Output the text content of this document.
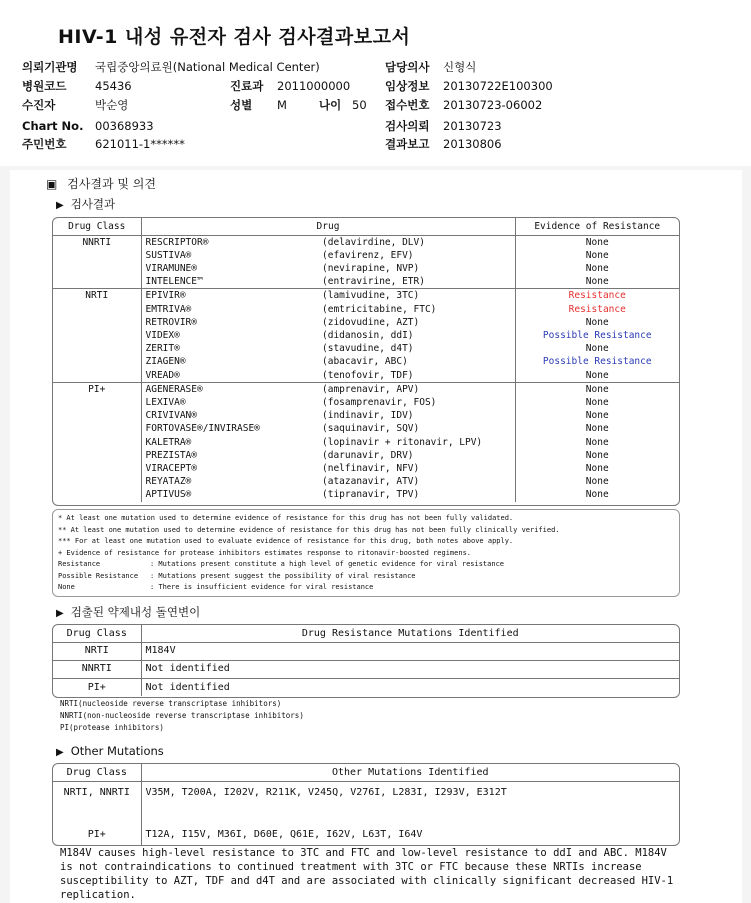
HIV-1 내성 유전자 검사 검사결과보고서
의뢰기관명 국립중앙의료원(National Medical Center)
병원코드 45436
수진자	박순영
Chart No. 00368933
주민번호 621011-1******
진료과 2011000000
성별 M	나이 50
담당의사 신형식
임상정보 20130722E100300
접수번호 20130723-06002
검사의뢰 20130723
결과보고 20130806
▣ 검사결과 및 의견
▶ 검사결과
Drug Class	Drug		Evidence of Resistance
NNRTI	RESCRIPTOR®	(delavirdine, DLV)	None
	SUSTIVA®	(efavirenz, EFV)	None
	VIRAMUNE®	(nevirapine, NVP)	None
	INTELENCE™	(entravirine, ETR)	None
NRTI	EPIVIR®	(lamivudine, 3TC)	Resistance
	EMTRIVA®	(emtricitabine, FTC)	Resistance
	RETROVIR®	(zidovudine, AZT)	None
	VIDEX®	(didanosin, ddI)	Possible Resistance
	ZERIT®	(stavudine, d4T)	None
	ZIAGEN®	(abacavir, ABC)	Possible Resistance
	VREAD®	(tenofovir, TDF)	None
PI+	AGENERASE®	(amprenavir, APV)	None
	LEXIVA®	(fosamprenavir, FOS)	None
	CRIVIVAN®	(indinavir, IDV)	None
	FORTOVASE®/INVIRASE®	(saquinavir, SQV)	None
	KALETRA®	(lopinavir + ritonavir, LPV)	None
	PREZISTA®	(darunavir, DRV)	None
	VIRACEPT®	(nelfinavir, NFV)	None
	REYATAZ®	(atazanavir, ATV)	None
	APTIVUS®	(tipranavir, TPV)	None
* At least one mutation used to determine evidence of resistance for this drug has not been fully validated.
** At least one mutation used to determine evidence of resistance for this drug has not been fully clinically verified.
*** For at least one mutation used to evaluate evidence of resistance for this drug, both notes above apply.
+ Evidence of resistance for protease inhibitors estimates response to ritonavir-boosted regimens.
Resistance	: Mutations present constitute a high level of genetic evidence for viral resistance
Possible Resistance : Mutations present suggest the possibility of viral resistance
None	: There is insufficient evidence for viral resistance
▶ 검출된 약제내성 돌연변이
Drug Class	Drug Resistance Mutations Identified
NRTI	M184V
NNRTI	Not identified
PI+	Not identified
NRTI(nucleoside reverse transcriptase inhibitors)
NNRTI(non-nucleoside reverse transcriptase inhibitors)
PI(protease inhibitors)
▶ Other Mutations
Drug Class	Other Mutations Identified
NRTI, NNRTI	V35M, T200A, I202V, R211K, V245Q, V276I, L283I, I293V, E312T
PI+	T12A, I15V, M36I, D60E, Q61E, I62V, L63T, I64V
M184V causes high-level resistance to 3TC and FTC and low-level resistance to ddI and ABC. M184V is not contraindications to continued treatment with 3TC or FTC because these NRTIs increase susceptibility to AZT, TDF and d4T and are associated with clinically significant decreased HIV-1 replication.
